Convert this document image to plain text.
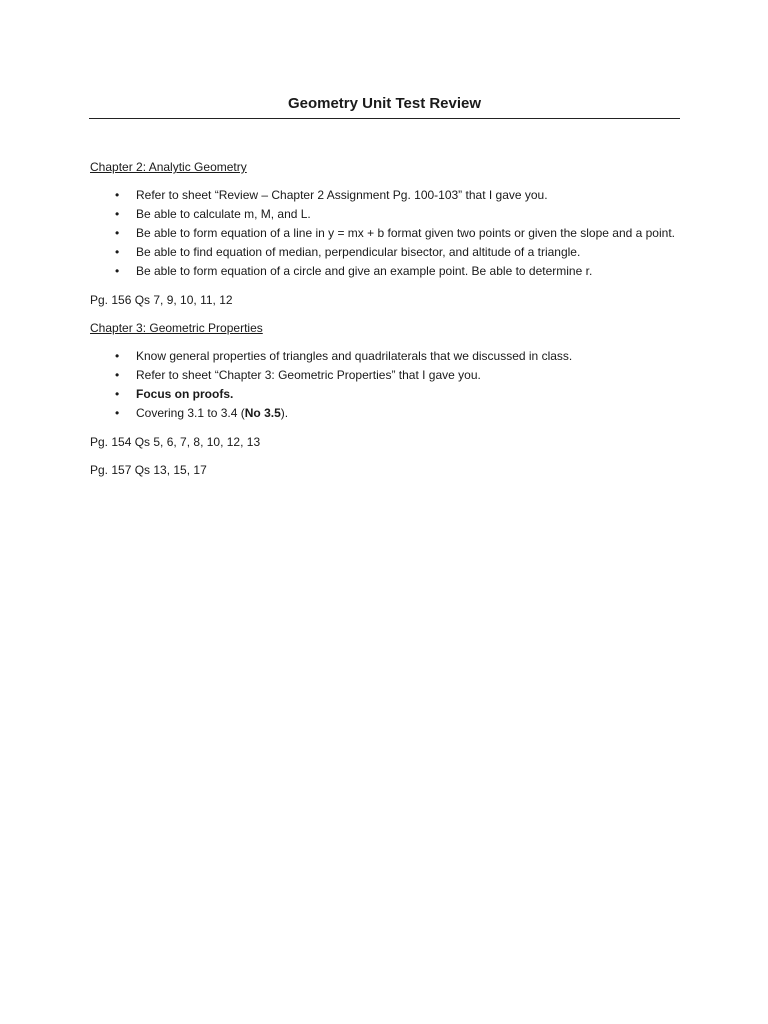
Geometry Unit Test Review
Chapter 2: Analytic Geometry
• Refer to sheet “Review – Chapter 2 Assignment Pg. 100-103” that I gave you.
• Be able to calculate m, M, and L.
• Be able to form equation of a line in y = mx + b format given two points or given the slope and a point.
• Be able to find equation of median, perpendicular bisector, and altitude of a triangle.
• Be able to form equation of a circle and give an example point. Be able to determine r.
Pg. 156 Qs 7, 9, 10, 11, 12
Chapter 3: Geometric Properties
• Know general properties of triangles and quadrilaterals that we discussed in class.
• Refer to sheet “Chapter 3: Geometric Properties” that I gave you.
• Focus on proofs.
• Covering 3.1 to 3.4 (No 3.5).
Pg. 154 Qs 5, 6, 7, 8, 10, 12, 13
Pg. 157 Qs 13, 15, 17
